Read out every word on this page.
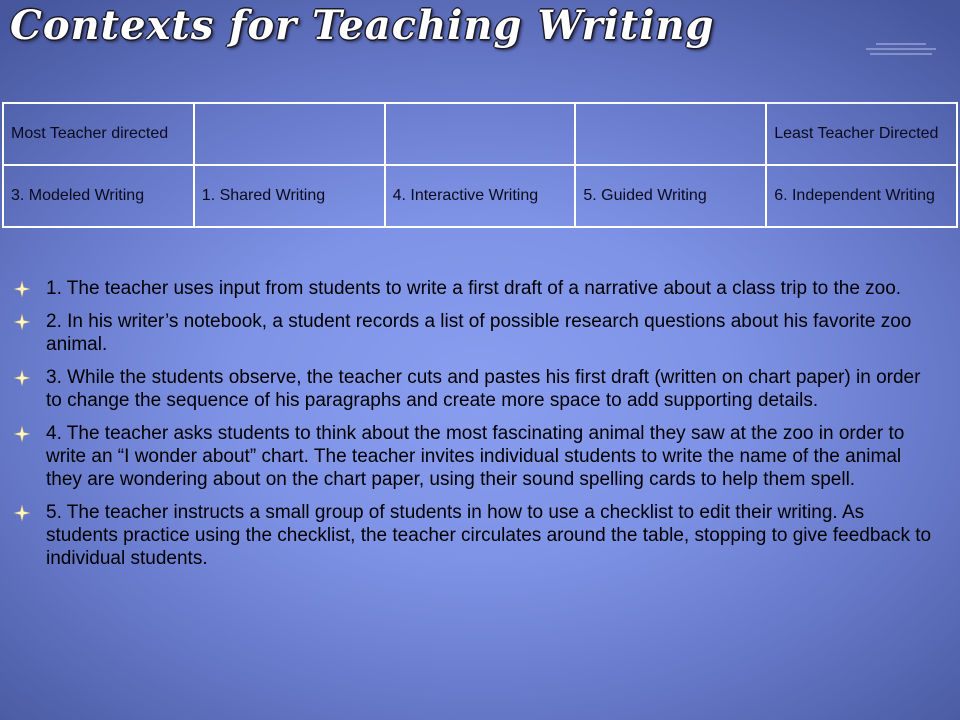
Contexts for Teaching Writing
Most Teacher directed				Least Teacher Directed
3. Modeled Writing	1. Shared Writing	4. Interactive Writing	5. Guided Writing	6. Independent Writing
1. The teacher uses input from students to write a first draft of a narrative about a class trip to the zoo.
2. In his writer’s notebook, a student records a list of possible research questions about his favorite zoo animal.
3. While the students observe, the teacher cuts and pastes his first draft (written on chart paper) in order to change the sequence of his paragraphs and create more space to add supporting details.
4. The teacher asks students to think about the most fascinating animal they saw at the zoo in order to write an “I wonder about” chart. The teacher invites individual students to write the name of the animal they are wondering about on the chart paper, using their sound spelling cards to help them spell.
5. The teacher instructs a small group of students in how to use a checklist to edit their writing. As students practice using the checklist, the teacher circulates around the table, stopping to give feedback to individual students.
